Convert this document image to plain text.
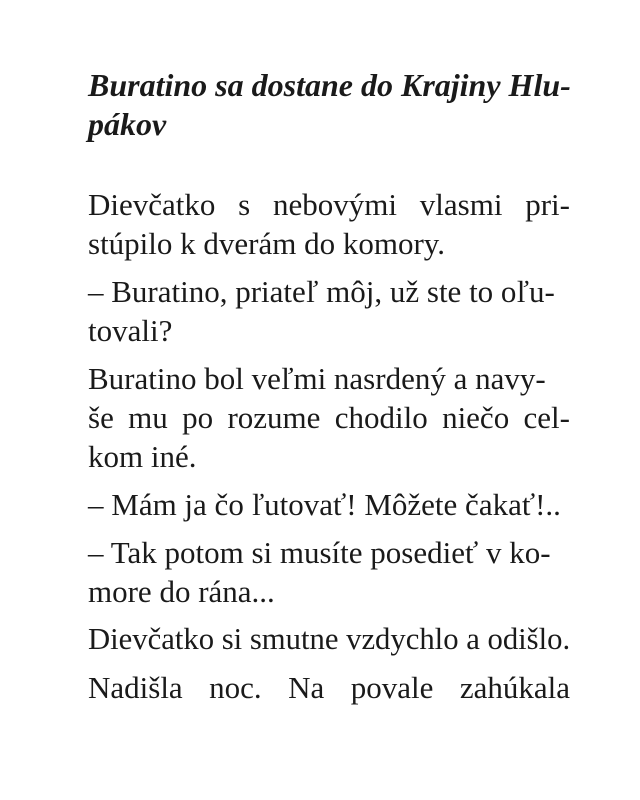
Buratino sa dostane do Krajiny Hlu-
pákov
Dievčatko s nebovými vlasmi pri-
stúpilo k dverám do komory.
– Buratino, priateľ môj, už ste to oľu-
tovali?
Buratino bol veľmi nasrdený a navy-
še mu po rozume chodilo niečo cel-
kom iné.
– Mám ja čo ľutovať! Môžete čakať!..
– Tak potom si musíte posedieť v ko-
more do rána...
Dievčatko si smutne vzdychlo a odišlo.
Nadišla noc. Na povale zahúkala
